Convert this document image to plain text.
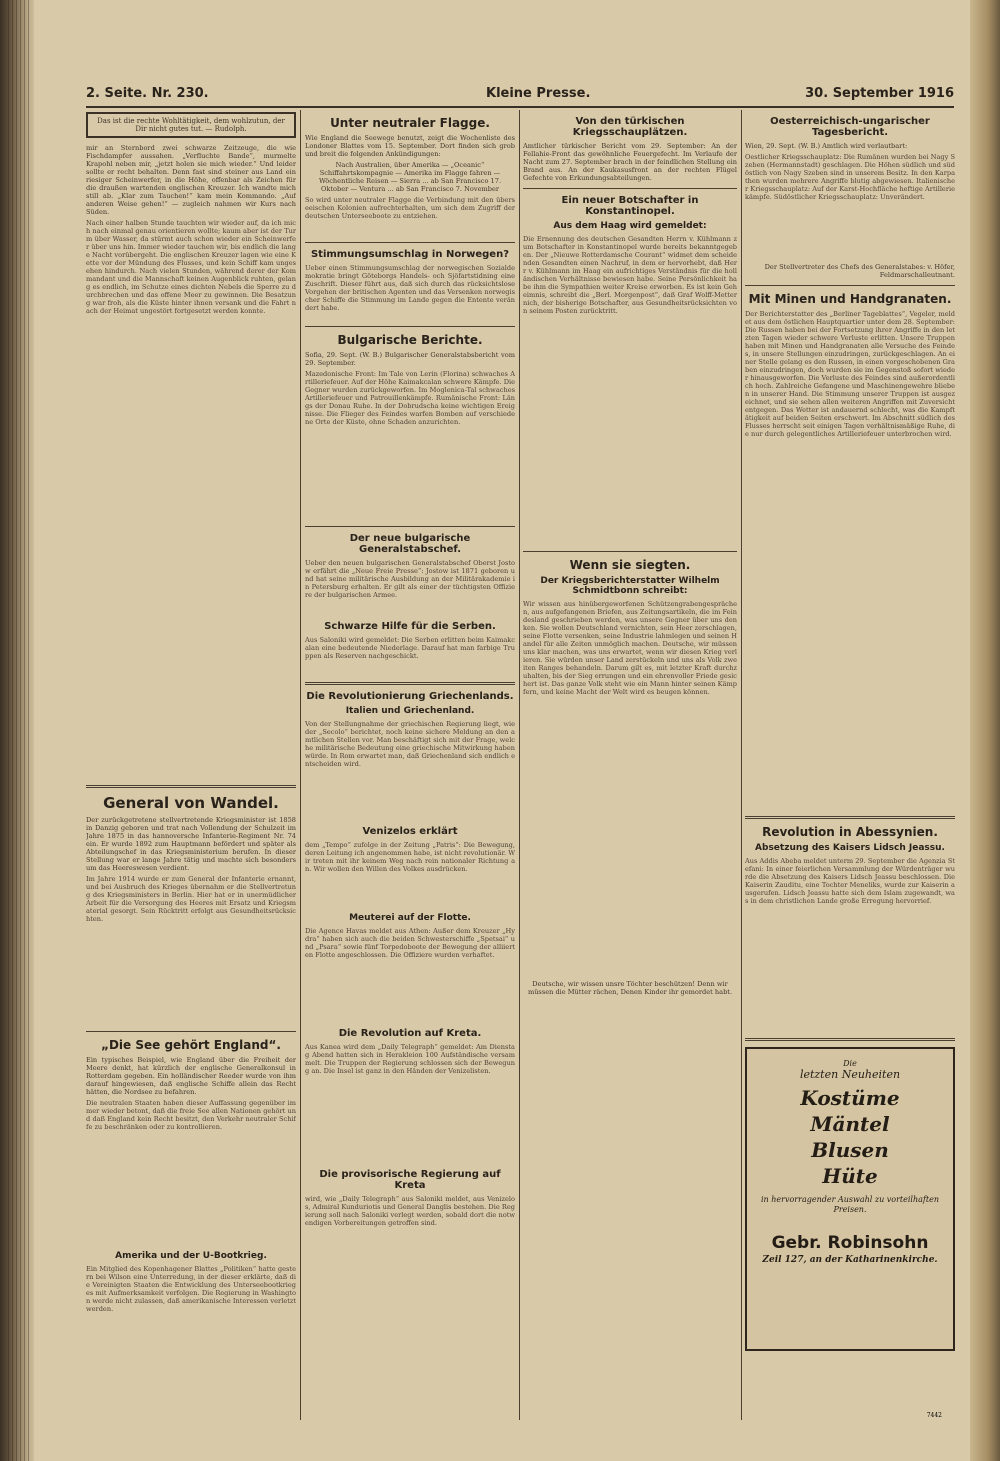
2. Seite. Nr. 230.	Kleine Presse.	30. September 1916
Das ist die rechte Wohltätigkeit, dem wohlzutun, der Dir nicht gutes tut. — Rudolph.

mir an Sternbord zwei schwarze Zeitzeuge, die wie Fischdampfer aussahen. „Verfluchte Bande“, murmelte Krapohl neben mir, „jetzt holen sie mich wieder.“ Und leider sollte er recht behalten. Denn fast sind steiner aus Land ein riesiger Scheinwerfer, in die Höhe, offenbar als Zeichen für die draußen wartenden englischen Kreuzer. Ich wandte mich still ab. „Klar zum Tauchen!“ kam mein Kommando. „Auf anderen Weise gehen!“ — zugleich nahmen wir Kurs nach Süden.

Nach einer halben Stunde tauchten wir wieder auf, da ich mich nach einmal genau orientieren wollte; kaum aber ist der Turm über Wasser, da stürmt auch schon wieder ein Scheinwerfer über uns hin. Immer wieder tauchen wir, bis endlich die lange Nacht vorübergeht. Die englischen Kreuzer lagen wie eine Kette vor der Mündung des Flusses, und kein Schiff kam ungesehen hindurch. Nach vielen Stunden, während derer der Kommandant und die Mannschaft keinen Augenblick ruhten, gelang es endlich, im Schutze eines dichten Nebels die Sperre zu durchbrechen und das offene Meer zu gewinnen. Die Besatzung war froh, als die Küste hinter ihnen versank und die Fahrt nach der Heimat ungestört fortgesetzt werden konnte.
General von Wandel.

Der zurückgetretene stellvertretende Kriegsminister ist 1858 in Danzig geboren und trat nach Vollendung der Schulzeit im Jahre 1875 in das hannoversche Infanterie-Regiment Nr. 74 ein. Er wurde 1892 zum Hauptmann befördert und später als Abteilungschef in das Kriegsministerium berufen. In dieser Stellung war er lange Jahre tätig und machte sich besonders um das Heereswesen verdient.

Im Jahre 1914 wurde er zum General der Infanterie ernannt, und bei Ausbruch des Krieges übernahm er die Stellvertretung des Kriegsministers in Berlin. Hier hat er in unermüdlicher Arbeit für die Versorgung des Heeres mit Ersatz und Kriegsmaterial gesorgt. Sein Rücktritt erfolgt aus Gesundheitsrücksichten.
„Die See gehört England“.

Ein typisches Beispiel, wie England über die Freiheit der Meere denkt, hat kürzlich der englische Generalkonsul in Rotterdam gegeben. Ein holländischer Reeder wurde von ihm darauf hingewiesen, daß englische Schiffe allein das Recht hätten, die Nordsee zu befahren.

Die neutralen Staaten haben dieser Auffassung gegenüber immer wieder betont, daß die freie See allen Nationen gehört und daß England kein Recht besitzt, den Verkehr neutraler Schiffe zu beschränken oder zu kontrollieren.
Amerika und der U-Bootkrieg.
Ein Mitglied des Kopenhagener Blattes „Politiken“ hatte gestern bei Wilson eine Unterredung, in der dieser erklärte, daß die Vereinigten Staaten die Entwicklung des Unterseebootkrieges mit Aufmerksamkeit verfolgen. Die Regierung in Washington werde nicht zulassen, daß amerikanische Interessen verletzt werden.
Unter neutraler Flagge.

Wie England die Seewege benutzt, zeigt die Wochenliste des Londoner Blattes vom 15. September. Dort finden sich grob und breit die folgenden Ankündigungen:

Nach Australien, über Amerika — „Oceanic“ Schiffahrtskompagnie — Amerika im Flagge fahren — Wöchentliche Reisen — Sierra ... ab San Francisco 17. Oktober — Ventura ... ab San Francisco 7. November

So wird unter neutraler Flagge die Verbindung mit den überseeischen Kolonien aufrechterhalten, um sich dem Zugriff der deutschen Unterseeboote zu entziehen.
Stimmungsumschlag in Norwegen?
Ueber einen Stimmungsumschlag der norwegischen Sozialdemokratie bringt Göteborgs Handels- och Sjöfartstidning eine Zuschrift. Dieser führt aus, daß sich durch das rücksichtslose Vorgehen der britischen Agenten und das Versenken norwegischer Schiffe die Stimmung im Lande gegen die Entente verändert habe.
Bulgarische Berichte.

Sofia, 29. Sept. (W. B.) Bulgarischer Generalstabsbericht vom 29. September.

Mazedonische Front: Im Tale von Lerin (Florina) schwaches Artilleriefeuer. Auf der Höhe Kaimakcalan schwere Kämpfe. Die Gegner wurden zurückgeworfen. Im Moglenica-Tal schwaches Artilleriefeuer und Patrouillenkämpfe. Rumänische Front: Längs der Donau Ruhe. In der Dobrudscha keine wichtigen Ereignisse. Die Flieger des Feindes warfen Bomben auf verschiedene Orte der Küste, ohne Schaden anzurichten.
Der neue bulgarische Generalstabschef.
Ueber den neuen bulgarischen Generalstabschef Oberst Jostow erfährt die „Neue Freie Presse“: Jostow ist 1871 geboren und hat seine militärische Ausbildung an der Militärakademie in Petersburg erhalten. Er gilt als einer der tüchtigsten Offiziere der bulgarischen Armee.
Schwarze Hilfe für die Serben.
Aus Saloniki wird gemeldet: Die Serben erlitten beim Kaimakcalan eine bedeutende Niederlage. Darauf hat man farbige Truppen als Reserven nachgeschickt.
Die Revolutionierung Griechenlands.
Italien und Griechenland.
Von der Stellungnahme der griechischen Regierung liegt, wie der „Secolo“ berichtet, noch keine sichere Meldung an den amtlichen Stellen vor. Man beschäftigt sich mit der Frage, welche militärische Bedeutung eine griechische Mitwirkung haben würde. In Rom erwartet man, daß Griechenland sich endlich entscheiden wird.
Venizelos erklärt
dem „Tempo“ zufolge in der Zeitung „Patris“: Die Bewegung, deren Leitung ich angenommen habe, ist nicht revolutionär. Wir treten mit ihr keinem Weg nach rein nationaler Richtung an. Wir wollen den Willen des Volkes ausdrücken.
Meuterei auf der Flotte.
Die Agence Havas meldet aus Athen: Außer dem Kreuzer „Hydra“ haben sich auch die beiden Schwesterschiffe „Spetsai“ und „Psara“ sowie fünf Torpedoboote der Bewegung der alliierten Flotte angeschlossen. Die Offiziere wurden verhaftet.
Die Revolution auf Kreta.
Aus Kanea wird dem „Daily Telegraph“ gemeldet: Am Dienstag Abend hatten sich in Herakleion 100 Aufständische versammelt. Die Truppen der Regierung schlossen sich der Bewegung an. Die Insel ist ganz in den Händen der Venizelisten.
Die provisorische Regierung auf Kreta
wird, wie „Daily Telegraph“ aus Saloniki meldet, aus Venizelos, Admiral Kunduriotis und General Danglis bestehen. Die Regierung soll nach Saloniki verlegt werden, sobald dort die notwendigen Vorbereitungen getroffen sind.
Von den türkischen Kriegsschauplätzen.

Amtlicher türkischer Bericht vom 29. September: An der Fellahie-Front das gewöhnliche Feuergefecht. Im Verlaufe der Nacht zum 27. September brach in der feindlichen Stellung ein Brand aus. An der Kaukasusfront an der rechten Flügel Gefechte von Erkundungsabteilungen.

Ein neuer Botschafter in Konstantinopel.
Aus dem Haag wird gemeldet:
Die Ernennung des deutschen Gesandten Herrn v. Kühlmann zum Botschafter in Konstantinopel wurde bereits bekanntgegeben. Der „Nieuwe Rotterdamsche Courant“ widmet dem scheidenden Gesandten einen Nachruf, in dem er hervorhebt, daß Herr v. Kühlmann im Haag ein aufrichtiges Verständnis für die holländischen Verhältnisse bewiesen habe. Seine Persönlichkeit habe ihm die Sympathien weiter Kreise erworben. Es ist kein Geheimnis, schreibt die „Berl. Morgenpost“, daß Graf Wolff-Metternich, der bisherige Botschafter, aus Gesundheitsrücksichten von seinem Posten zurücktritt.
Wenn sie siegten.
Der Kriegsberichterstatter Wilhelm Schmidtbonn schreibt:
Wir wissen aus hinübergeworfenen Schützengrabengesprächen, aus aufgefangenen Briefen, aus Zeitungsartikeln, die im Feindesland geschrieben werden, was unsere Gegner über uns denken. Sie wollen Deutschland vernichten, sein Heer zerschlagen, seine Flotte versenken, seine Industrie lahmlegen und seinen Handel für alle Zeiten unmöglich machen. Deutsche, wir müssen uns klar machen, was uns erwartet, wenn wir diesen Krieg verlieren. Sie würden unser Land zerstückeln und uns als Volk zweiten Ranges behandeln. Darum gilt es, mit letzter Kraft durchzuhalten, bis der Sieg errungen und ein ehrenvoller Friede gesichert ist. Das ganze Volk steht wie ein Mann hinter seinen Kämpfern, und keine Macht der Welt wird es beugen können.

Deutsche, wir wissen unsre Töchter beschützen! Denn wir müssen die Mütter rächen, Denen Kinder ihr gemordet habt.

Oesterreichisch-ungarischer Tagesbericht.

Wien, 29. Sept. (W. B.) Amtlich wird verlautbart:

Oestlicher Kriegsschauplatz: Die Rumänen wurden bei Nagy Szeben (Hermannstadt) geschlagen. Die Höhen südlich und südöstlich von Nagy Szeben sind in unserem Besitz. In den Karpathen wurden mehrere Angriffe blutig abgewiesen. Italienischer Kriegsschauplatz: Auf der Karst-Hochfläche heftige Artilleriekämpfe. Südöstlicher Kriegsschauplatz: Unverändert.

Der Stellvertreter des Chefs des Generalstabes: v. Höfer, Feldmarschalleutnant.

Mit Minen und Handgranaten.
Der Berichterstatter des „Berliner Tageblattes“, Vegeler, meldet aus dem östlichen Hauptquartier unter dem 28. September: Die Russen haben bei der Fortsetzung ihrer Angriffe in den letzten Tagen wieder schwere Verluste erlitten. Unsere Truppen haben mit Minen und Handgranaten alle Versuche des Feindes, in unsere Stellungen einzudringen, zurückgeschlagen. An einer Stelle gelang es den Russen, in einen vorgeschobenen Graben einzudringen, doch wurden sie im Gegenstoß sofort wieder hinausgeworfen. Die Verluste des Feindes sind außerordentlich hoch. Zahlreiche Gefangene und Maschinengewehre blieben in unserer Hand. Die Stimmung unserer Truppen ist ausgezeichnet, und sie sehen allen weiteren Angriffen mit Zuversicht entgegen. Das Wetter ist andauernd schlecht, was die Kampftätigkeit auf beiden Seiten erschwert. Im Abschnitt südlich des Flusses herrscht seit einigen Tagen verhältnismäßige Ruhe, die nur durch gelegentliches Artilleriefeuer unterbrochen wird.
Revolution in Abessynien.
Absetzung des Kaisers Lidsch Jeassu.
Aus Addis Abeba meldet unterm 29. September die Agenzia Stefani: In einer feierlichen Versammlung der Würdenträger wurde die Absetzung des Kaisers Lidsch Jeassu beschlossen. Die Kaiserin Zauditu, eine Tochter Meneliks, wurde zur Kaiserin ausgerufen. Lidsch Jeassu hatte sich dem Islam zugewandt, was in dem christlichen Lande große Erregung hervorrief.
Die
letzten Neuheiten
Kostüme
Mäntel
Blusen
Hüte
in hervorragender Auswahl zu vorteilhaften Preisen.
Gebr. Robinsohn
Zeil 127, an der Katharinenkirche.
7442
